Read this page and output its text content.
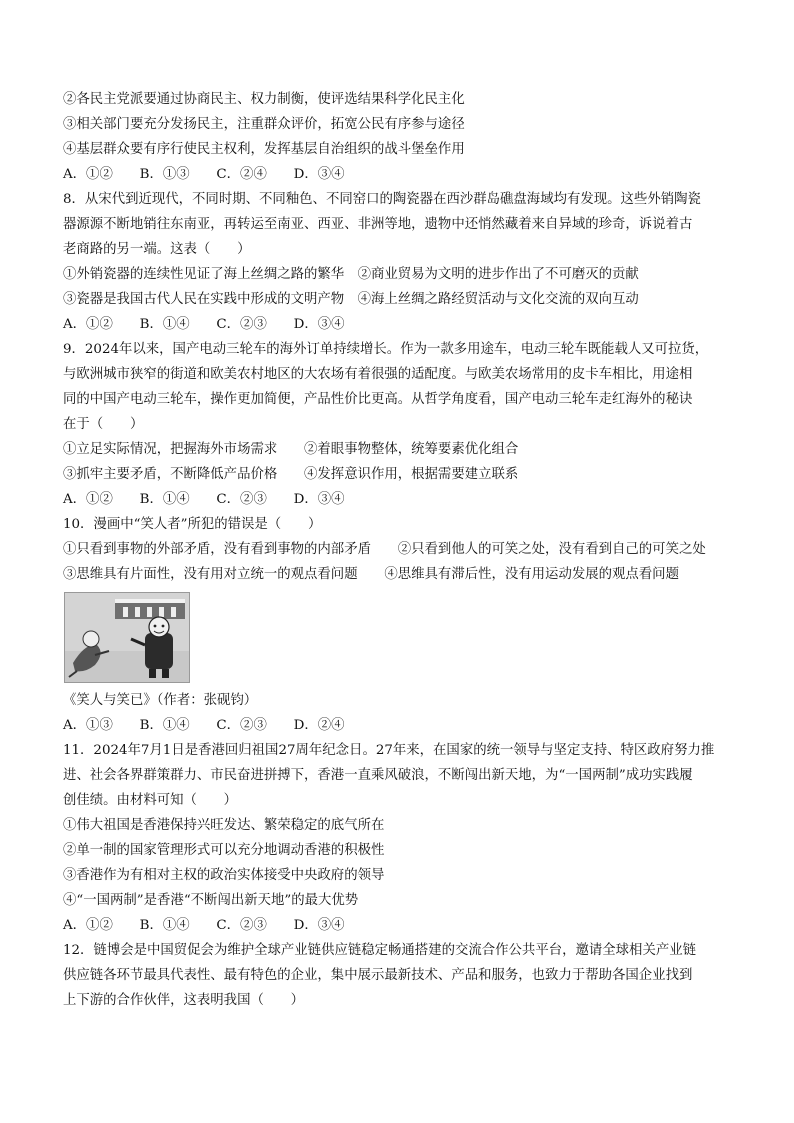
②各民主党派要通过协商民主、权力制衡，使评选结果科学化民主化
③相关部门要充分发扬民主，注重群众评价，拓宽公民有序参与途径
④基层群众要有序行使民主权利，发挥基层自治组织的战斗堡垒作用
A．①②　　B．①③　　C．②④　　D．③④
8．从宋代到近现代，不同时期、不同釉色、不同窑口的陶瓷器在西沙群岛礁盘海域均有发现。这些外销陶瓷
器源源不断地销往东南亚，再转运至南亚、西亚、非洲等地，遗物中还悄然藏着来自异域的珍奇，诉说着古
老商路的另一端。这表（　　）
①外销瓷器的连续性见证了海上丝绸之路的繁华　②商业贸易为文明的进步作出了不可磨灭的贡献
③瓷器是我国古代人民在实践中形成的文明产物　④海上丝绸之路经贸活动与文化交流的双向互动
A．①②　　B．①④　　C．②③　　D．③④
9．2024年以来，国产电动三轮车的海外订单持续增长。作为一款多用途车，电动三轮车既能载人又可拉货，
与欧洲城市狭窄的街道和欧美农村地区的大农场有着很强的适配度。与欧美农场常用的皮卡车相比，用途相
同的中国产电动三轮车，操作更加简便，产品性价比更高。从哲学角度看，国产电动三轮车走红海外的秘诀
在于（　　）
①立足实际情况，把握海外市场需求　　②着眼事物整体，统筹要素优化组合
③抓牢主要矛盾，不断降低产品价格　　④发挥意识作用，根据需要建立联系
A．①②　　B．①④　　C．②③　　D．③④
10．漫画中“笑人者”所犯的错误是（　　）
①只看到事物的外部矛盾，没有看到事物的内部矛盾　　②只看到他人的可笑之处，没有看到自己的可笑之处
③思维具有片面性，没有用对立统一的观点看问题　　④思维具有滞后性，没有用运动发展的观点看问题
《笑人与笑已》（作者：张砚钧）
A．①③　　B．①④　　C．②③　　D．②④
11．2024年7月1日是香港回归祖国27周年纪念日。27年来，在国家的统一领导与坚定支持、特区政府努力推
进、社会各界群策群力、市民奋进拼搏下，香港一直乘风破浪，不断闯出新天地，为“一国两制”成功实践履
创佳绩。由材料可知（　　）
①伟大祖国是香港保持兴旺发达、繁荣稳定的底气所在
②单一制的国家管理形式可以充分地调动香港的积极性
③香港作为有相对主权的政治实体接受中央政府的领导
④“一国两制”是香港“不断闯出新天地”的最大优势
A．①②　　B．①④　　C．②③　　D．③④
12．链博会是中国贸促会为维护全球产业链供应链稳定畅通搭建的交流合作公共平台，邀请全球相关产业链
供应链各环节最具代表性、最有特色的企业，集中展示最新技术、产品和服务，也致力于帮助各国企业找到
上下游的合作伙伴，这表明我国（　　）
